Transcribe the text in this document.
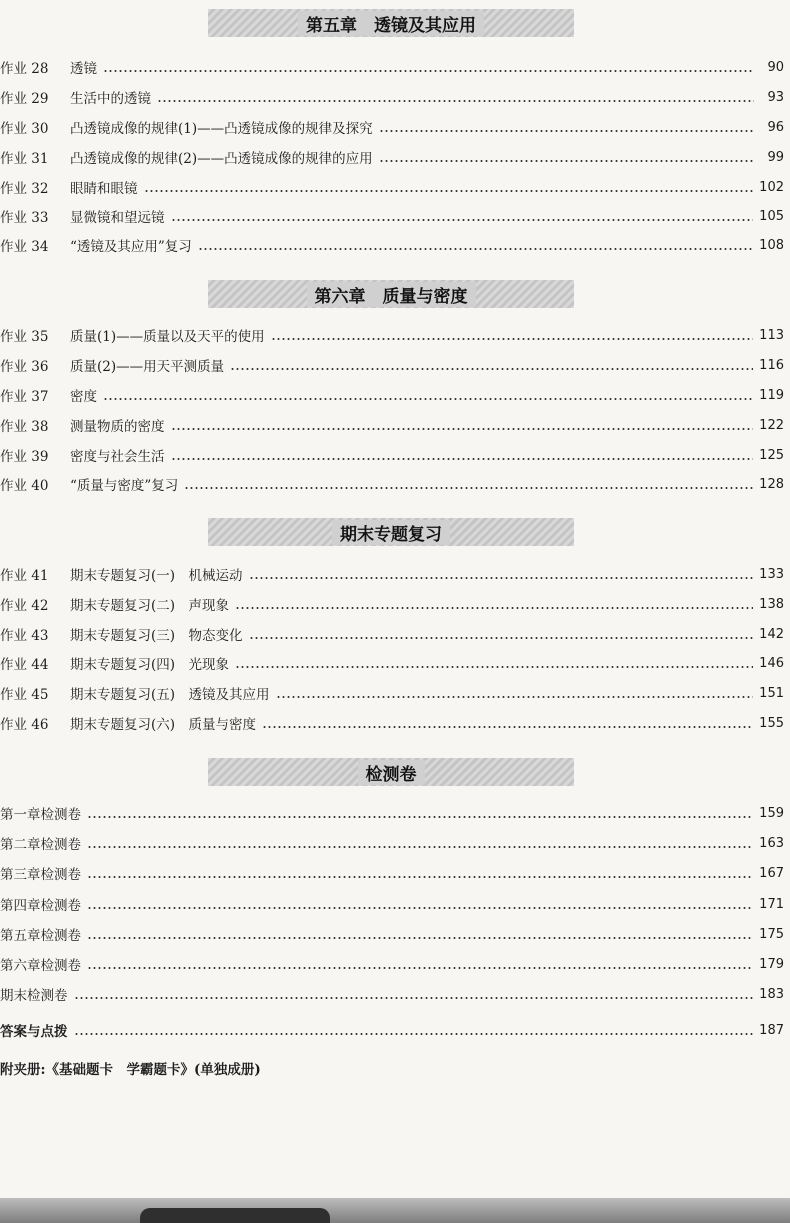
第五章　透镜及其应用
作业 28	透镜	90
作业 29	生活中的透镜	93
作业 30	凸透镜成像的规律(1)——凸透镜成像的规律及探究	96
作业 31	凸透镜成像的规律(2)——凸透镜成像的规律的应用	99
作业 32	眼睛和眼镜	102
作业 33	显微镜和望远镜	105
作业 34	“透镜及其应用”复习	108
第六章　质量与密度
作业 35	质量(1)——质量以及天平的使用	113
作业 36	质量(2)——用天平测质量	116
作业 37	密度	119
作业 38	测量物质的密度	122
作业 39	密度与社会生活	125
作业 40	“质量与密度”复习	128
期末专题复习
作业 41	期末专题复习(一)　机械运动	133
作业 42	期末专题复习(二)　声现象	138
作业 43	期末专题复习(三)　物态变化	142
作业 44	期末专题复习(四)　光现象	146
作业 45	期末专题复习(五)　透镜及其应用	151
作业 46	期末专题复习(六)　质量与密度	155
检测卷
第一章检测卷	159
第二章检测卷	163
第三章检测卷	167
第四章检测卷	171
第五章检测卷	175
第六章检测卷	179
期末检测卷	183
答案与点拨	187
附夹册:《基础题卡　学霸题卡》(单独成册)
